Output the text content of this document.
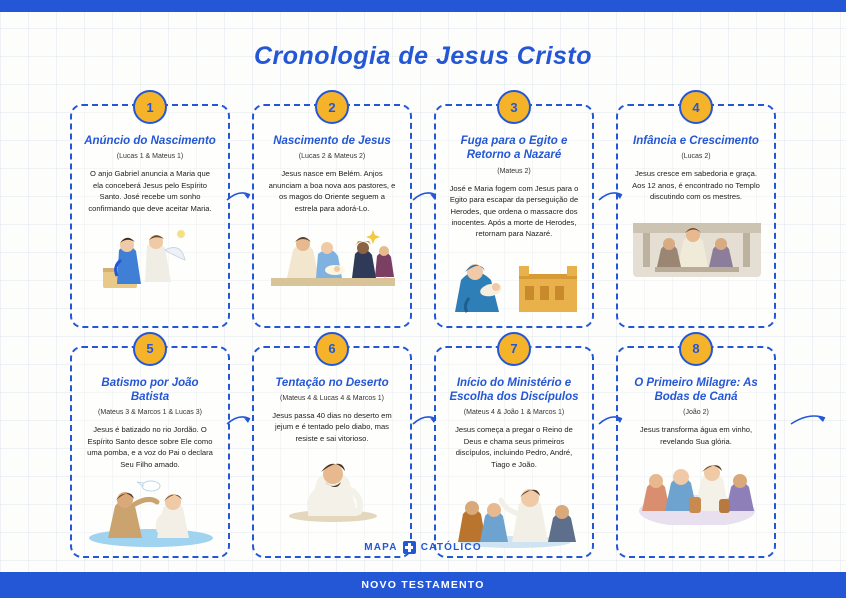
Cronologia de Jesus Cristo
1
Anúncio do Nascimento
(Lucas 1 & Mateus 1)
O anjo Gabriel anuncia a Maria que ela conceberá Jesus pelo Espírito Santo. José recebe um sonho confirmando que deve aceitar Maria.
2
Nascimento de Jesus
(Lucas 2 & Mateus 2)
Jesus nasce em Belém. Anjos anunciam a boa nova aos pastores, e os magos do Oriente seguem a estrela para adorá-Lo.
3
Fuga para o Egito e Retorno a Nazaré
(Mateus 2)
José e Maria fogem com Jesus para o Egito para escapar da perseguição de Herodes, que ordena o massacre dos inocentes. Após a morte de Herodes, retornam para Nazaré.
4
Infância e Crescimento
(Lucas 2)
Jesus cresce em sabedoria e graça. Aos 12 anos, é encontrado no Templo discutindo com os mestres.
5
Batismo por João Batista
(Mateus 3 & Marcos 1 & Lucas 3)
Jesus é batizado no rio Jordão. O Espírito Santo desce sobre Ele como uma pomba, e a voz do Pai o declara Seu Filho amado.
6
Tentação no Deserto
(Mateus 4 & Lucas 4 & Marcos 1)
Jesus passa 40 dias no deserto em jejum e é tentado pelo diabo, mas resiste e sai vitorioso.
7
Início do Ministério e Escolha dos Discípulos
(Mateus 4 & João 1 & Marcos 1)
Jesus começa a pregar o Reino de Deus e chama seus primeiros discípulos, incluindo Pedro, André, Tiago e João.
8
O Primeiro Milagre: As Bodas de Caná
(João 2)
Jesus transforma água em vinho, revelando Sua glória.
MAPA CATÓLICO
NOVO TESTAMENTO
